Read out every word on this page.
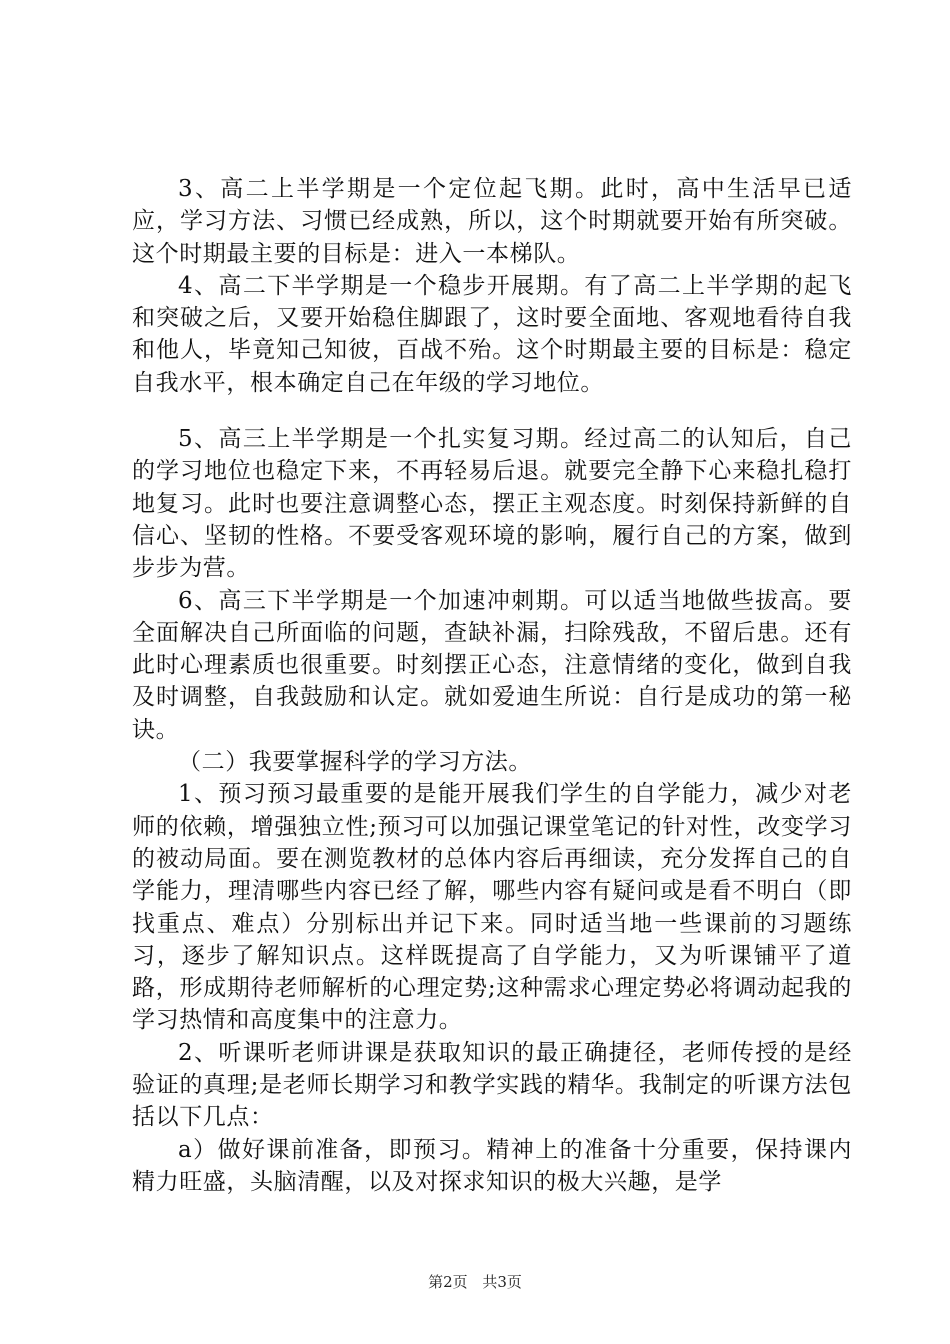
3、高二上半学期是一个定位起飞期。此时，高中生活早已适应，学习方法、习惯已经成熟，所以，这个时期就要开始有所突破。这个时期最主要的目标是：进入一本梯队。

4、高二下半学期是一个稳步开展期。有了高二上半学期的起飞和突破之后，又要开始稳住脚跟了，这时要全面地、客观地看待自我和他人，毕竟知己知彼，百战不殆。这个时期最主要的目标是：稳定自我水平，根本确定自己在年级的学习地位。

5、高三上半学期是一个扎实复习期。经过高二的认知后，自己的学习地位也稳定下来，不再轻易后退。就要完全静下心来稳扎稳打地复习。此时也要注意调整心态，摆正主观态度。时刻保持新鲜的自信心、坚韧的性格。不要受客观环境的影响，履行自己的方案，做到步步为营。

6、高三下半学期是一个加速冲刺期。可以适当地做些拔高。要全面解决自己所面临的问题，查缺补漏，扫除残敌，不留后患。还有此时心理素质也很重要。时刻摆正心态，注意情绪的变化，做到自我及时调整，自我鼓励和认定。就如爱迪生所说：自行是成功的第一秘诀。

（二）我要掌握科学的学习方法。

1、预习预习最重要的是能开展我们学生的自学能力，减少对老师的依赖，增强独立性;预习可以加强记课堂笔记的针对性，改变学习的被动局面。要在测览教材的总体内容后再细读，充分发挥自己的自学能力，理清哪些内容已经了解，哪些内容有疑问或是看不明白（即找重点、难点）分别标出并记下来。同时适当地一些课前的习题练习，逐步了解知识点。这样既提高了自学能力，又为听课铺平了道路，形成期待老师解析的心理定势;这种需求心理定势必将调动起我的学习热情和高度集中的注意力。

2、听课听老师讲课是获取知识的最正确捷径，老师传授的是经验证的真理;是老师长期学习和教学实践的精华。我制定的听课方法包括以下几点：

a）做好课前准备，即预习。精神上的准备十分重要，保持课内精力旺盛，头脑清醒，以及对探求知识的极大兴趣，是学

第2页 共3页
